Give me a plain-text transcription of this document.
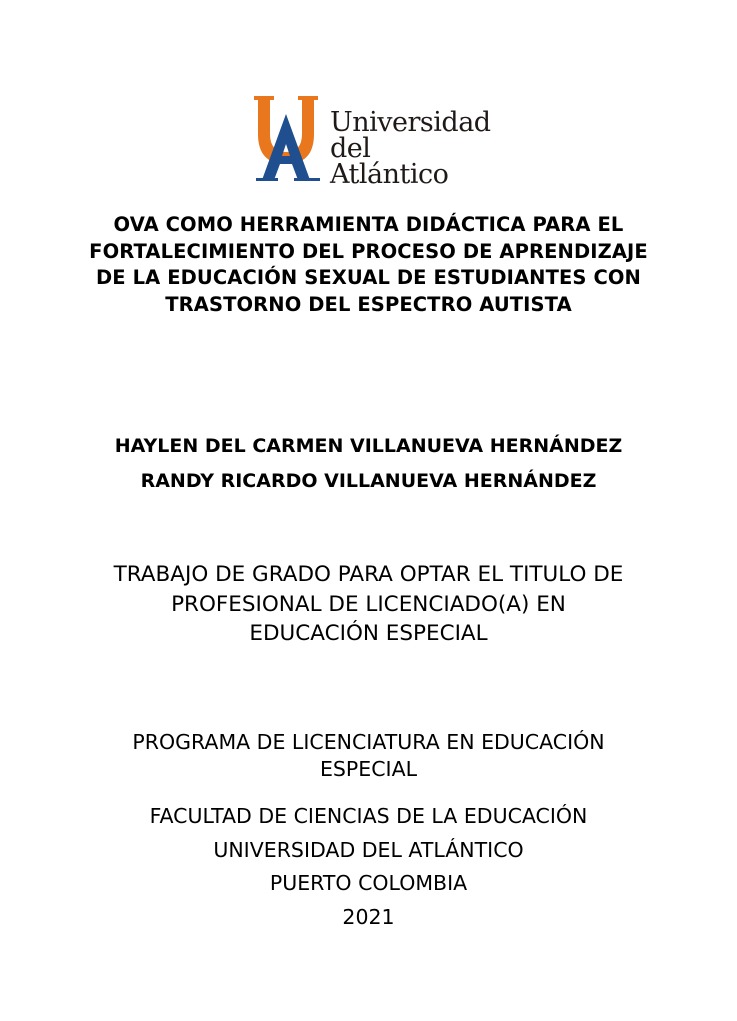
Universidad
del Atlántico
OVA COMO HERRAMIENTA DIDÁCTICA PARA EL
FORTALECIMIENTO DEL PROCESO DE APRENDIZAJE
DE LA EDUCACIÓN SEXUAL DE ESTUDIANTES CON
TRASTORNO DEL ESPECTRO AUTISTA
HAYLEN DEL CARMEN VILLANUEVA HERNÁNDEZ
RANDY RICARDO VILLANUEVA HERNÁNDEZ
TRABAJO DE GRADO PARA OPTAR EL TITULO DE
PROFESIONAL DE LICENCIADO(A) EN
EDUCACIÓN ESPECIAL
PROGRAMA DE LICENCIATURA EN EDUCACIÓN
ESPECIAL
FACULTAD DE CIENCIAS DE LA EDUCACIÓN
UNIVERSIDAD DEL ATLÁNTICO
PUERTO COLOMBIA
2021
